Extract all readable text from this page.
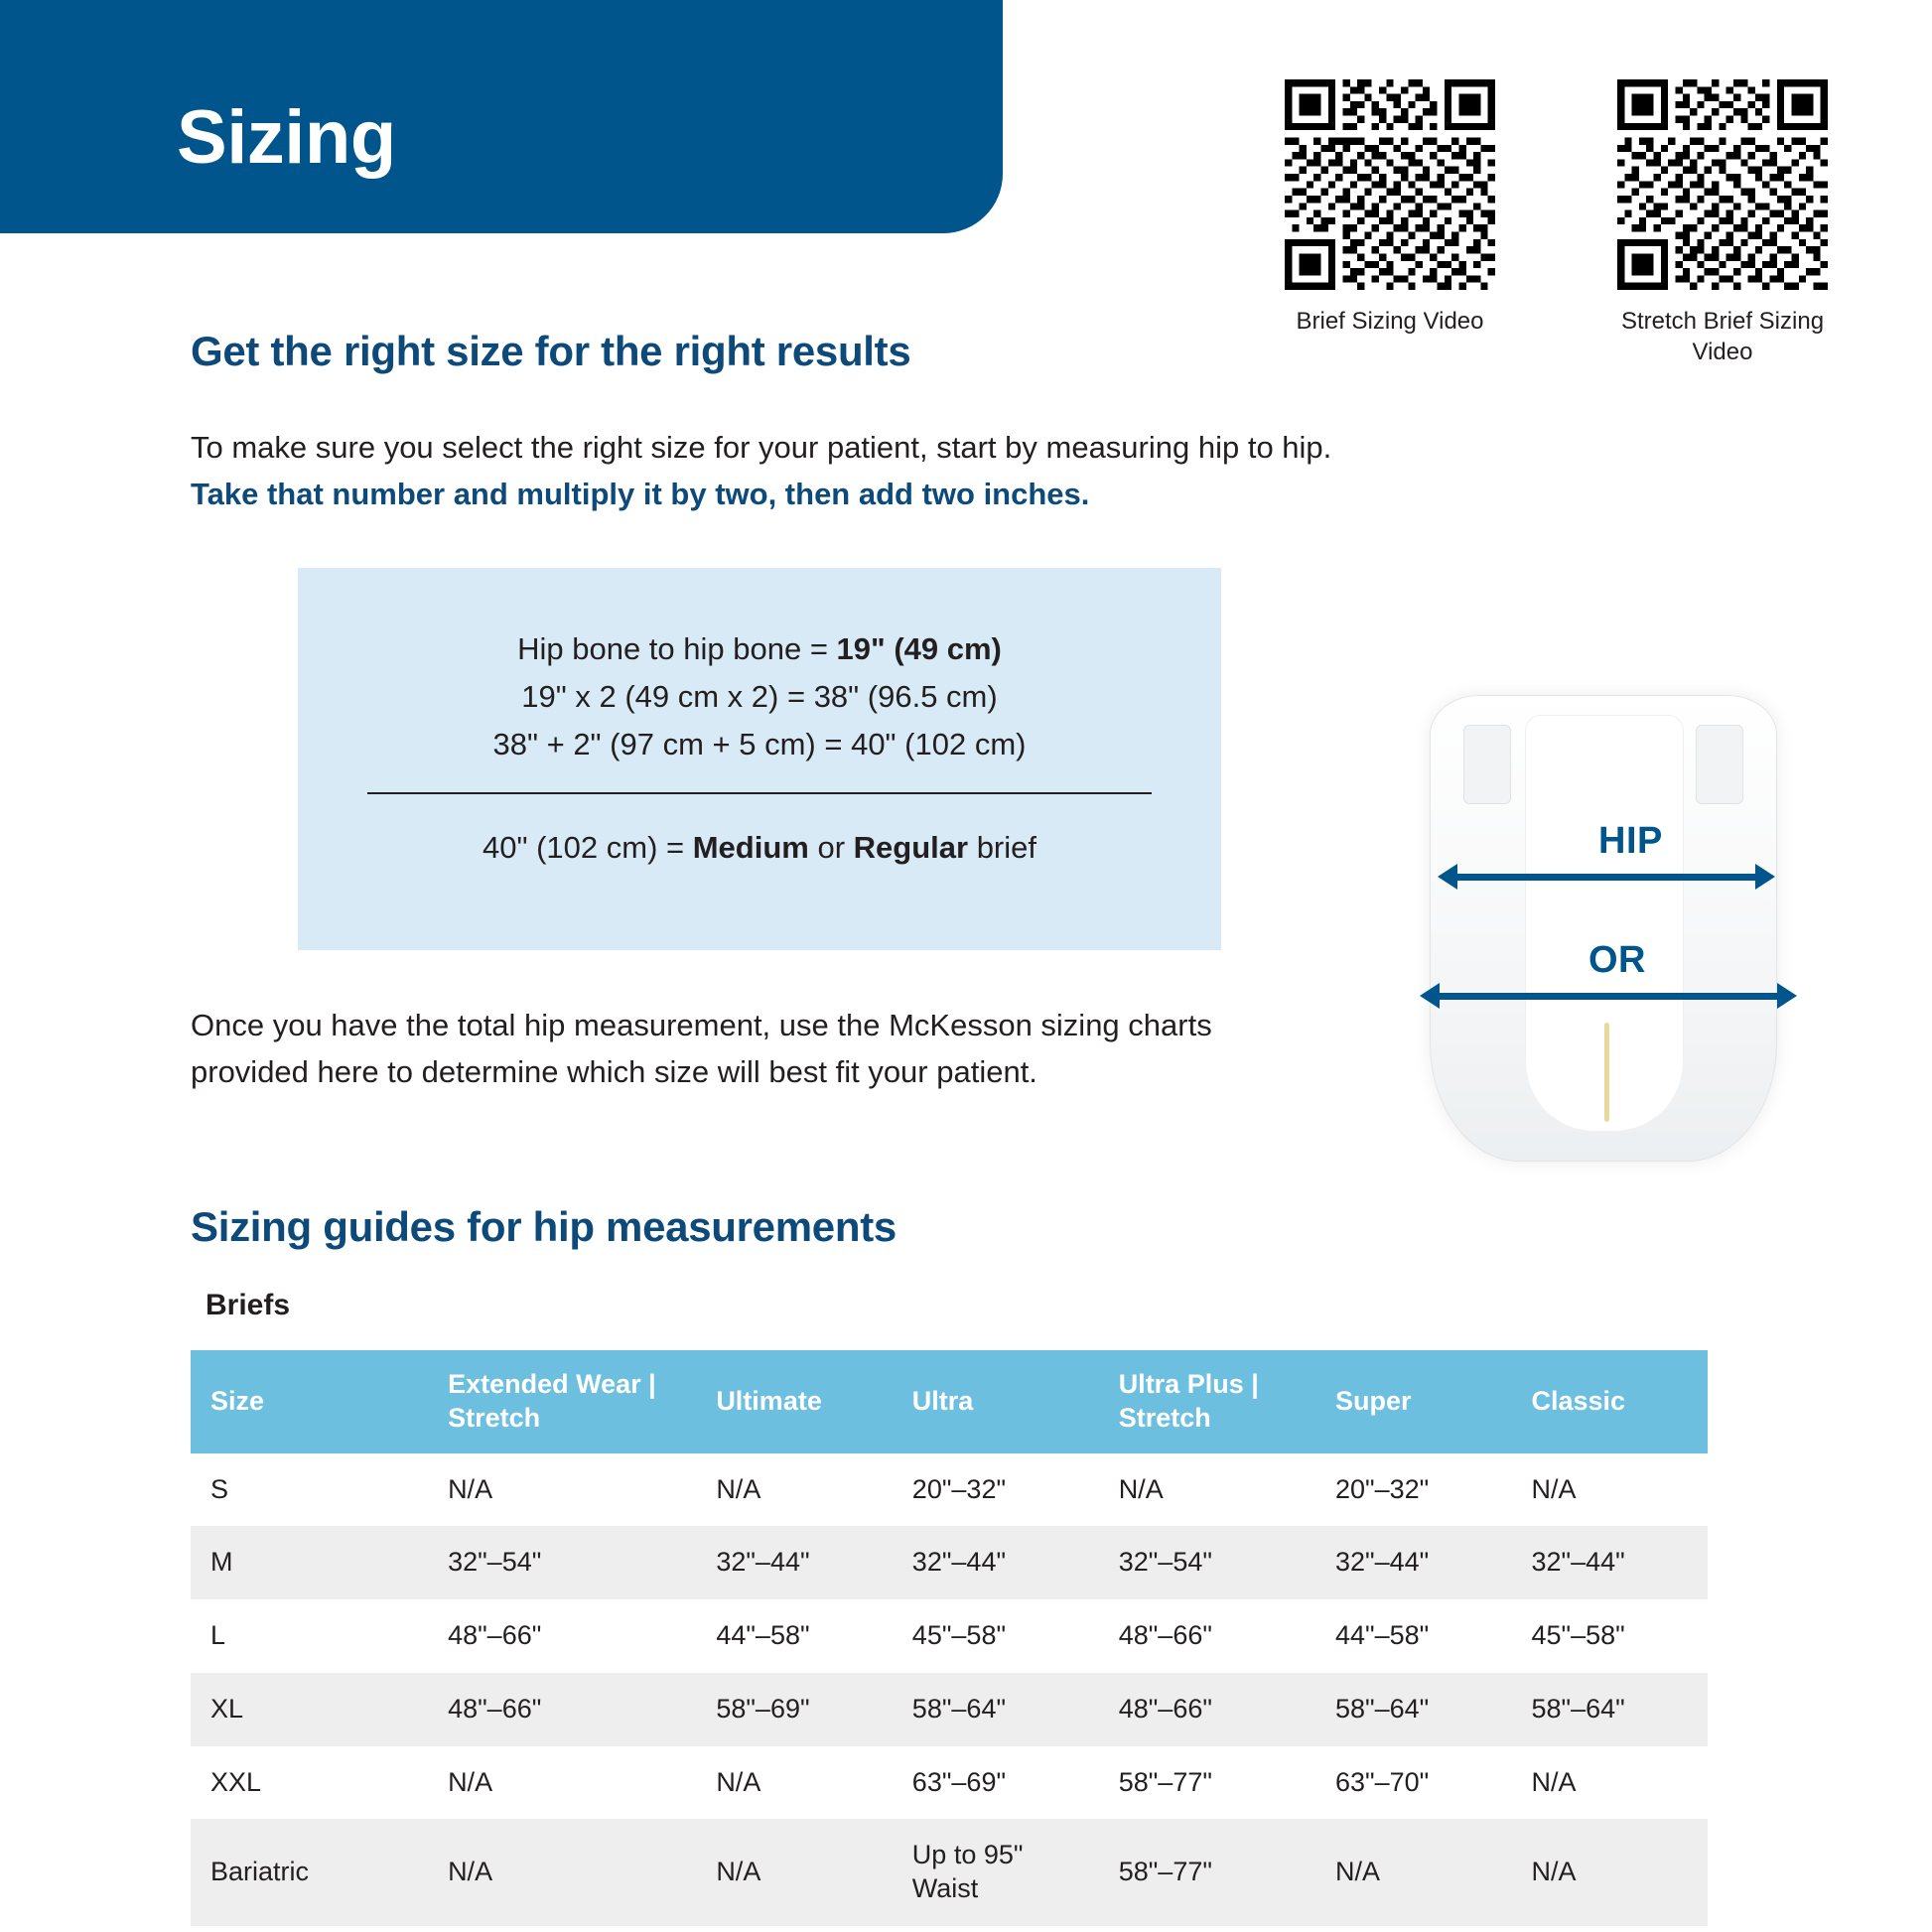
Sizing
Brief Sizing Video	Stretch Brief Sizing Video
Get the right size for the right results
To make sure you select the right size for your patient, start by measuring hip to hip. Take that number and multiply it by two, then add two inches.
Hip bone to hip bone = 19" (49 cm)
19" x 2 (49 cm x 2) = 38" (96.5 cm)
38" + 2" (97 cm + 5 cm) = 40" (102 cm)
40" (102 cm) = Medium or Regular brief
Once you have the total hip measurement, use the McKesson sizing charts provided here to determine which size will best fit your patient.
HIP
OR
Sizing guides for hip measurements
Briefs
Size	Extended Wear | Stretch	Ultimate	Ultra	Ultra Plus | Stretch	Super	Classic
S	N/A	N/A	20"–32"	N/A	20"–32"	N/A
M	32"–54"	32"–44"	32"–44"	32"–54"	32"–44"	32"–44"
L	48"–66"	44"–58"	45"–58"	48"–66"	44"–58"	45"–58"
XL	48"–66"	58"–69"	58"–64"	48"–66"	58"–64"	58"–64"
XXL	N/A	N/A	63"–69"	58"–77"	63"–70"	N/A
Bariatric	N/A	N/A	Up to 95" Waist	58"–77"	N/A	N/A
